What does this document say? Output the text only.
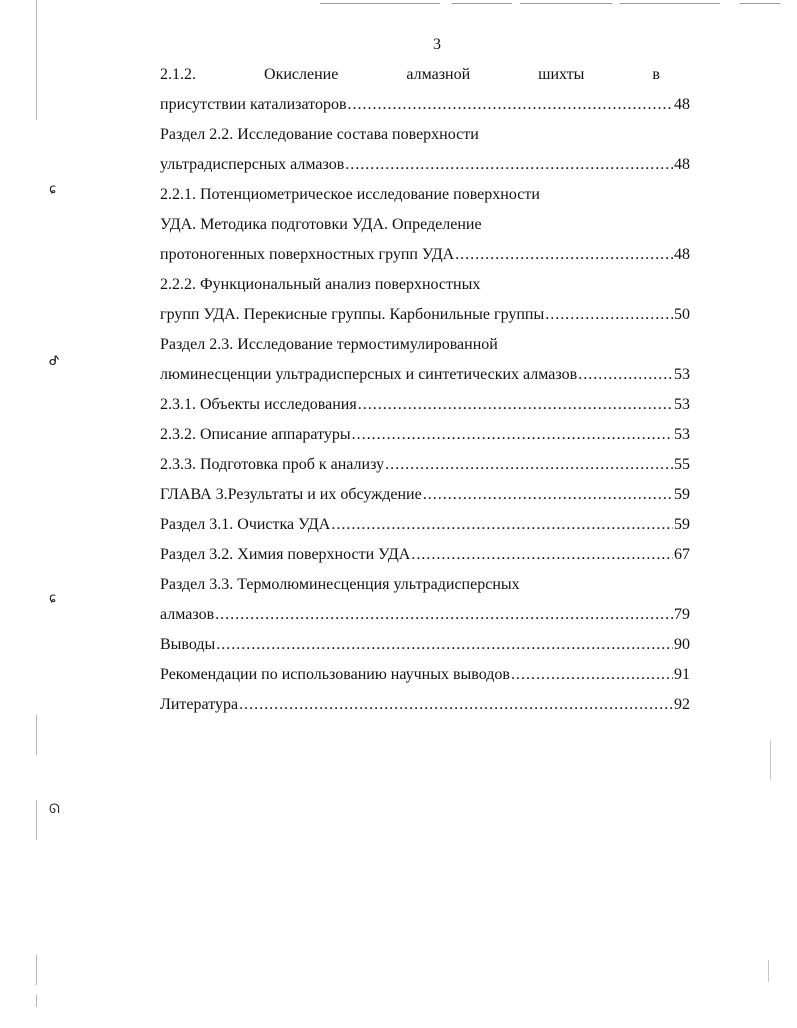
ɕ
ᕷ
ɕ
ᘏ
3
2.1.2.	Окисление	алмазной	шихты	в
присутствии катализаторов .....	48
Раздел 2.2. Исследование состава поверхности
ультрадисперсных алмазов .....	48
2.2.1. Потенциометрическое исследование поверхности
УДА. Методика подготовки УДА. Определение
протоногенных поверхностных групп УДА .....	48
2.2.2. Функциональный анализ поверхностных
групп УДА. Перекисные группы. Карбонильные группы .....	50
Раздел 2.3. Исследование термостимулированной
люминесценции ультрадисперсных и синтетических алмазов .....	53
2.3.1. Объекты исследования .....	53
2.3.2. Описание аппаратуры .....	53
2.3.3. Подготовка проб к анализу .....	55
ГЛАВА 3.Результаты и их обсуждение .....	59
Раздел 3.1. Очистка УДА .....	59
Раздел 3.2. Химия поверхности УДА .....	67
Раздел 3.3. Термолюминесценция ультрадисперсных
алмазов .....	79
Выводы .....	90
Рекомендации по использованию научных выводов .....	91
Литература .....	92
